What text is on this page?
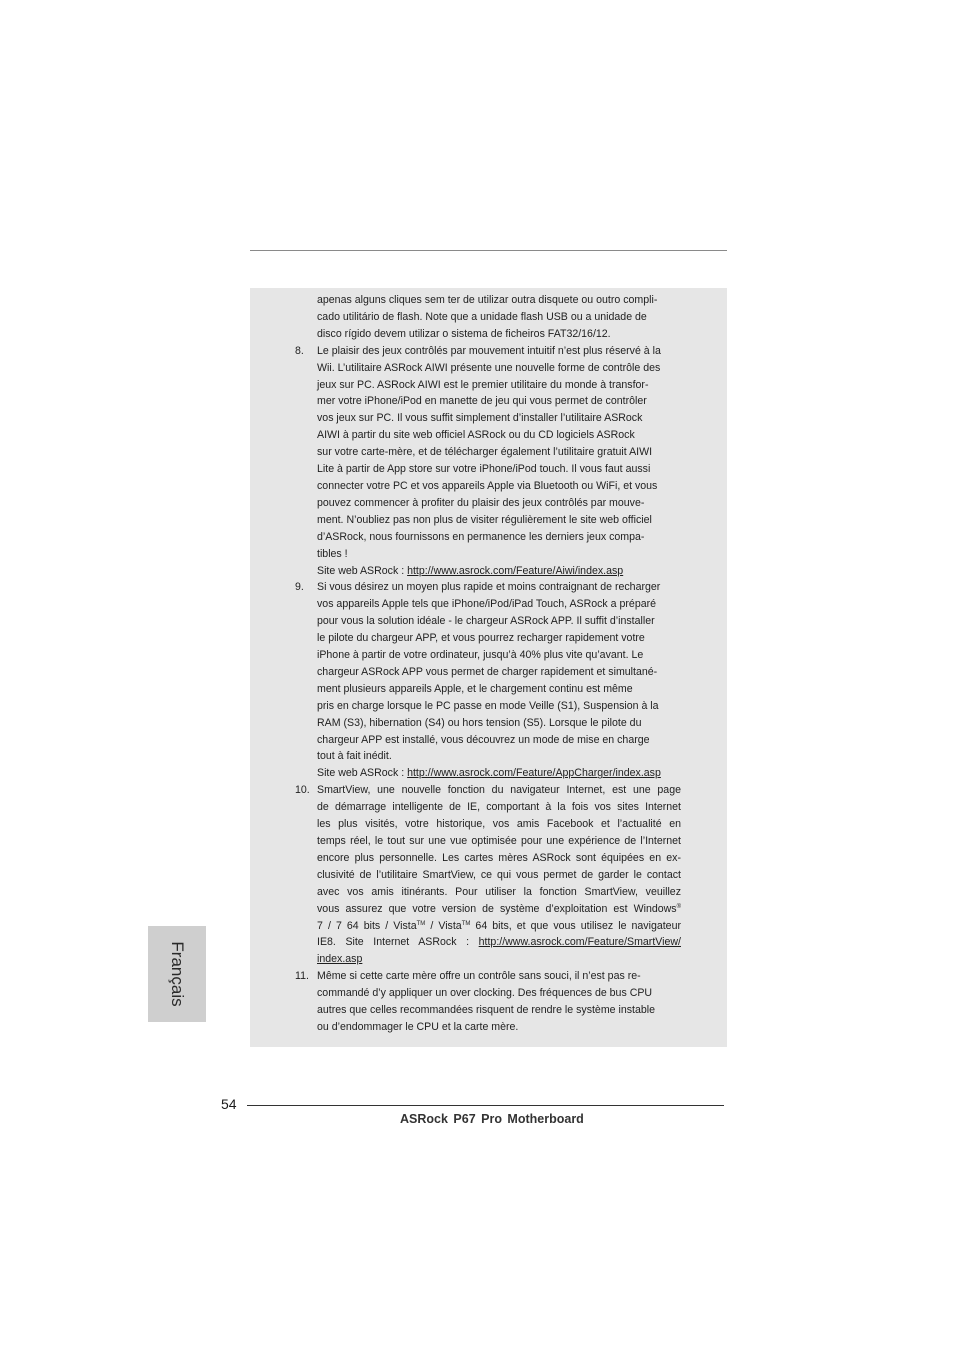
apenas alguns cliques sem ter de utilizar outra disquete ou outro compli-
cado utilitário de flash. Note que a unidade flash USB ou a unidade de
disco rígido devem utilizar o sistema de ficheiros FAT32/16/12.
8. Le plaisir des jeux contrôlés par mouvement intuitif n’est plus réservé à la
Wii. L’utilitaire ASRock AIWI présente une nouvelle forme de contrôle des
jeux sur PC. ASRock AIWI est le premier utilitaire du monde à transfor-
mer votre iPhone/iPod en manette de jeu qui vous permet de contrôler
vos jeux sur PC. Il vous suffit simplement d’installer l’utilitaire ASRock
AIWI à partir du site web officiel ASRock ou du CD logiciels ASRock
sur votre carte-mère, et de télécharger également l’utilitaire gratuit AIWI
Lite à partir de App store sur votre iPhone/iPod touch. Il vous faut aussi
connecter votre PC et vos appareils Apple via Bluetooth ou WiFi, et vous
pouvez commencer à profiter du plaisir des jeux contrôlés par mouve-
ment. N’oubliez pas non plus de visiter régulièrement le site web officiel
d’ASRock, nous fournissons en permanence les derniers jeux compa-
tibles !
Site web ASRock : http://www.asrock.com/Feature/Aiwi/index.asp
9. Si vous désirez un moyen plus rapide et moins contraignant de recharger
vos appareils Apple tels que iPhone/iPod/iPad Touch, ASRock a préparé
pour vous la solution idéale - le chargeur ASRock APP. Il suffit d’installer
le pilote du chargeur APP, et vous pourrez recharger rapidement votre
iPhone à partir de votre ordinateur, jusqu’à 40% plus vite qu’avant. Le
chargeur ASRock APP vous permet de charger rapidement et simultané-
ment plusieurs appareils Apple, et le chargement continu est même
pris en charge lorsque le PC passe en mode Veille (S1), Suspension à la
RAM (S3), hibernation (S4) ou hors tension (S5). Lorsque le pilote du
chargeur APP est installé, vous découvrez un mode de mise en charge
tout à fait inédit.
Site web ASRock : http://www.asrock.com/Feature/AppCharger/index.asp
10. SmartView, une nouvelle fonction du navigateur Internet, est une page
de démarrage intelligente de IE, comportant à la fois vos sites Internet
les plus visités, votre historique, vos amis Facebook et l’actualité en
temps réel, le tout sur une vue optimisée pour une expérience de l’Internet
encore plus personnelle. Les cartes mères ASRock sont équipées en ex-
clusivité de l’utilitaire SmartView, ce qui vous permet de garder le contact
avec vos amis itinérants. Pour utiliser la fonction SmartView, veuillez
vous assurez que votre version de système d’exploitation est Windows®
7 / 7 64 bits / Vista™ / Vista™ 64 bits, et que vous utilisez le navigateur
IE8. Site Internet ASRock : http://www.asrock.com/Feature/SmartView/
index.asp
11. Même si cette carte mère offre un contrôle sans souci, il n’est pas re-
commandé d’y appliquer un over clocking. Des fréquences de bus CPU
autres que celles recommandées risquent de rendre le système instable
ou d’endommager le CPU et la carte mère.
Français
54
ASRock P67 Pro Motherboard
